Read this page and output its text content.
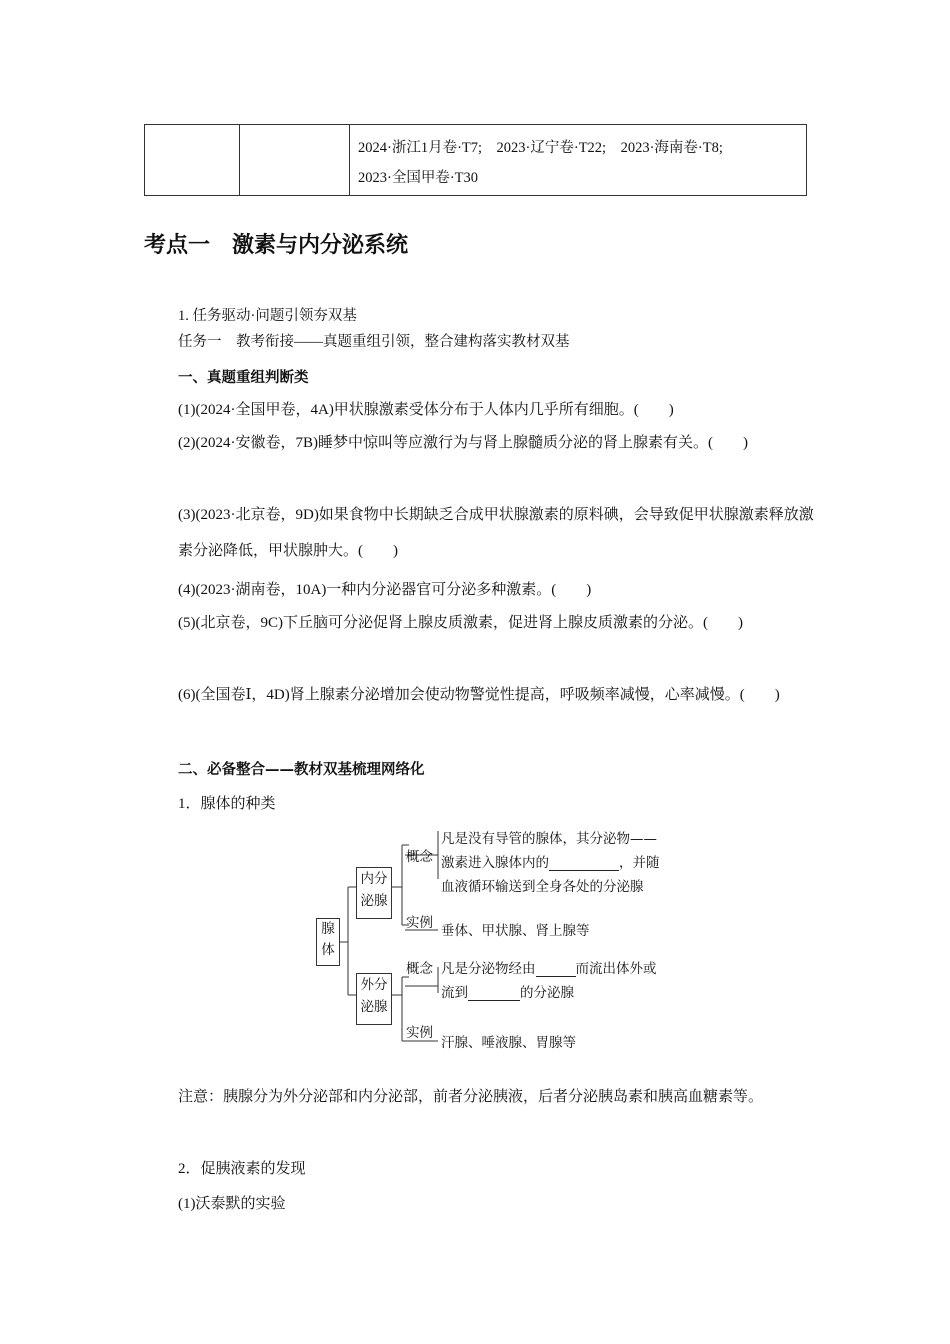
2024·浙江1月卷·T7;　2023·辽宁卷·T22;　2023·海南卷·T8;
2023·全国甲卷·T30
考点一　激素与内分泌系统
1. 任务驱动·问题引领夯双基
任务一　教考衔接——真题重组引领，整合建构落实教材双基
一、真题重组判断类
(1)(2024·全国甲卷，4A)甲状腺激素受体分布于人体内几乎所有细胞。(　　)
(2)(2024·安徽卷，7B)睡梦中惊叫等应激行为与肾上腺髓质分泌的肾上腺素有关。(　　)
(3)(2023·北京卷，9D)如果食物中长期缺乏合成甲状腺激素的原料碘，会导致促甲状腺激素释放激素分泌降低，甲状腺肿大。(　　)
(4)(2023·湖南卷，10A)一种内分泌器官可分泌多种激素。(　　)
(5)(北京卷，9C)下丘脑可分泌促肾上腺皮质激素，促进肾上腺皮质激素的分泌。(　　)
(6)(全国卷Ⅰ，4D)肾上腺素分泌增加会使动物警觉性提高，呼吸频率减慢，心率减慢。(　　)
二、必备整合——教材双基梳理网络化
1．腺体的种类
腺体
内分泌腺
外分泌腺
概念
实例
概念
实例
凡是没有导管的腺体，其分泌物——
激素进入腺体内的	，并随
血液循环输送到全身各处的分泌腺
垂体、甲状腺、肾上腺等
凡是分泌物经由	而流出体外或
流到	的分泌腺
汗腺、唾液腺、胃腺等
注意：胰腺分为外分泌部和内分泌部，前者分泌胰液，后者分泌胰岛素和胰高血糖素等。
2．促胰液素的发现
(1)沃泰默的实验
